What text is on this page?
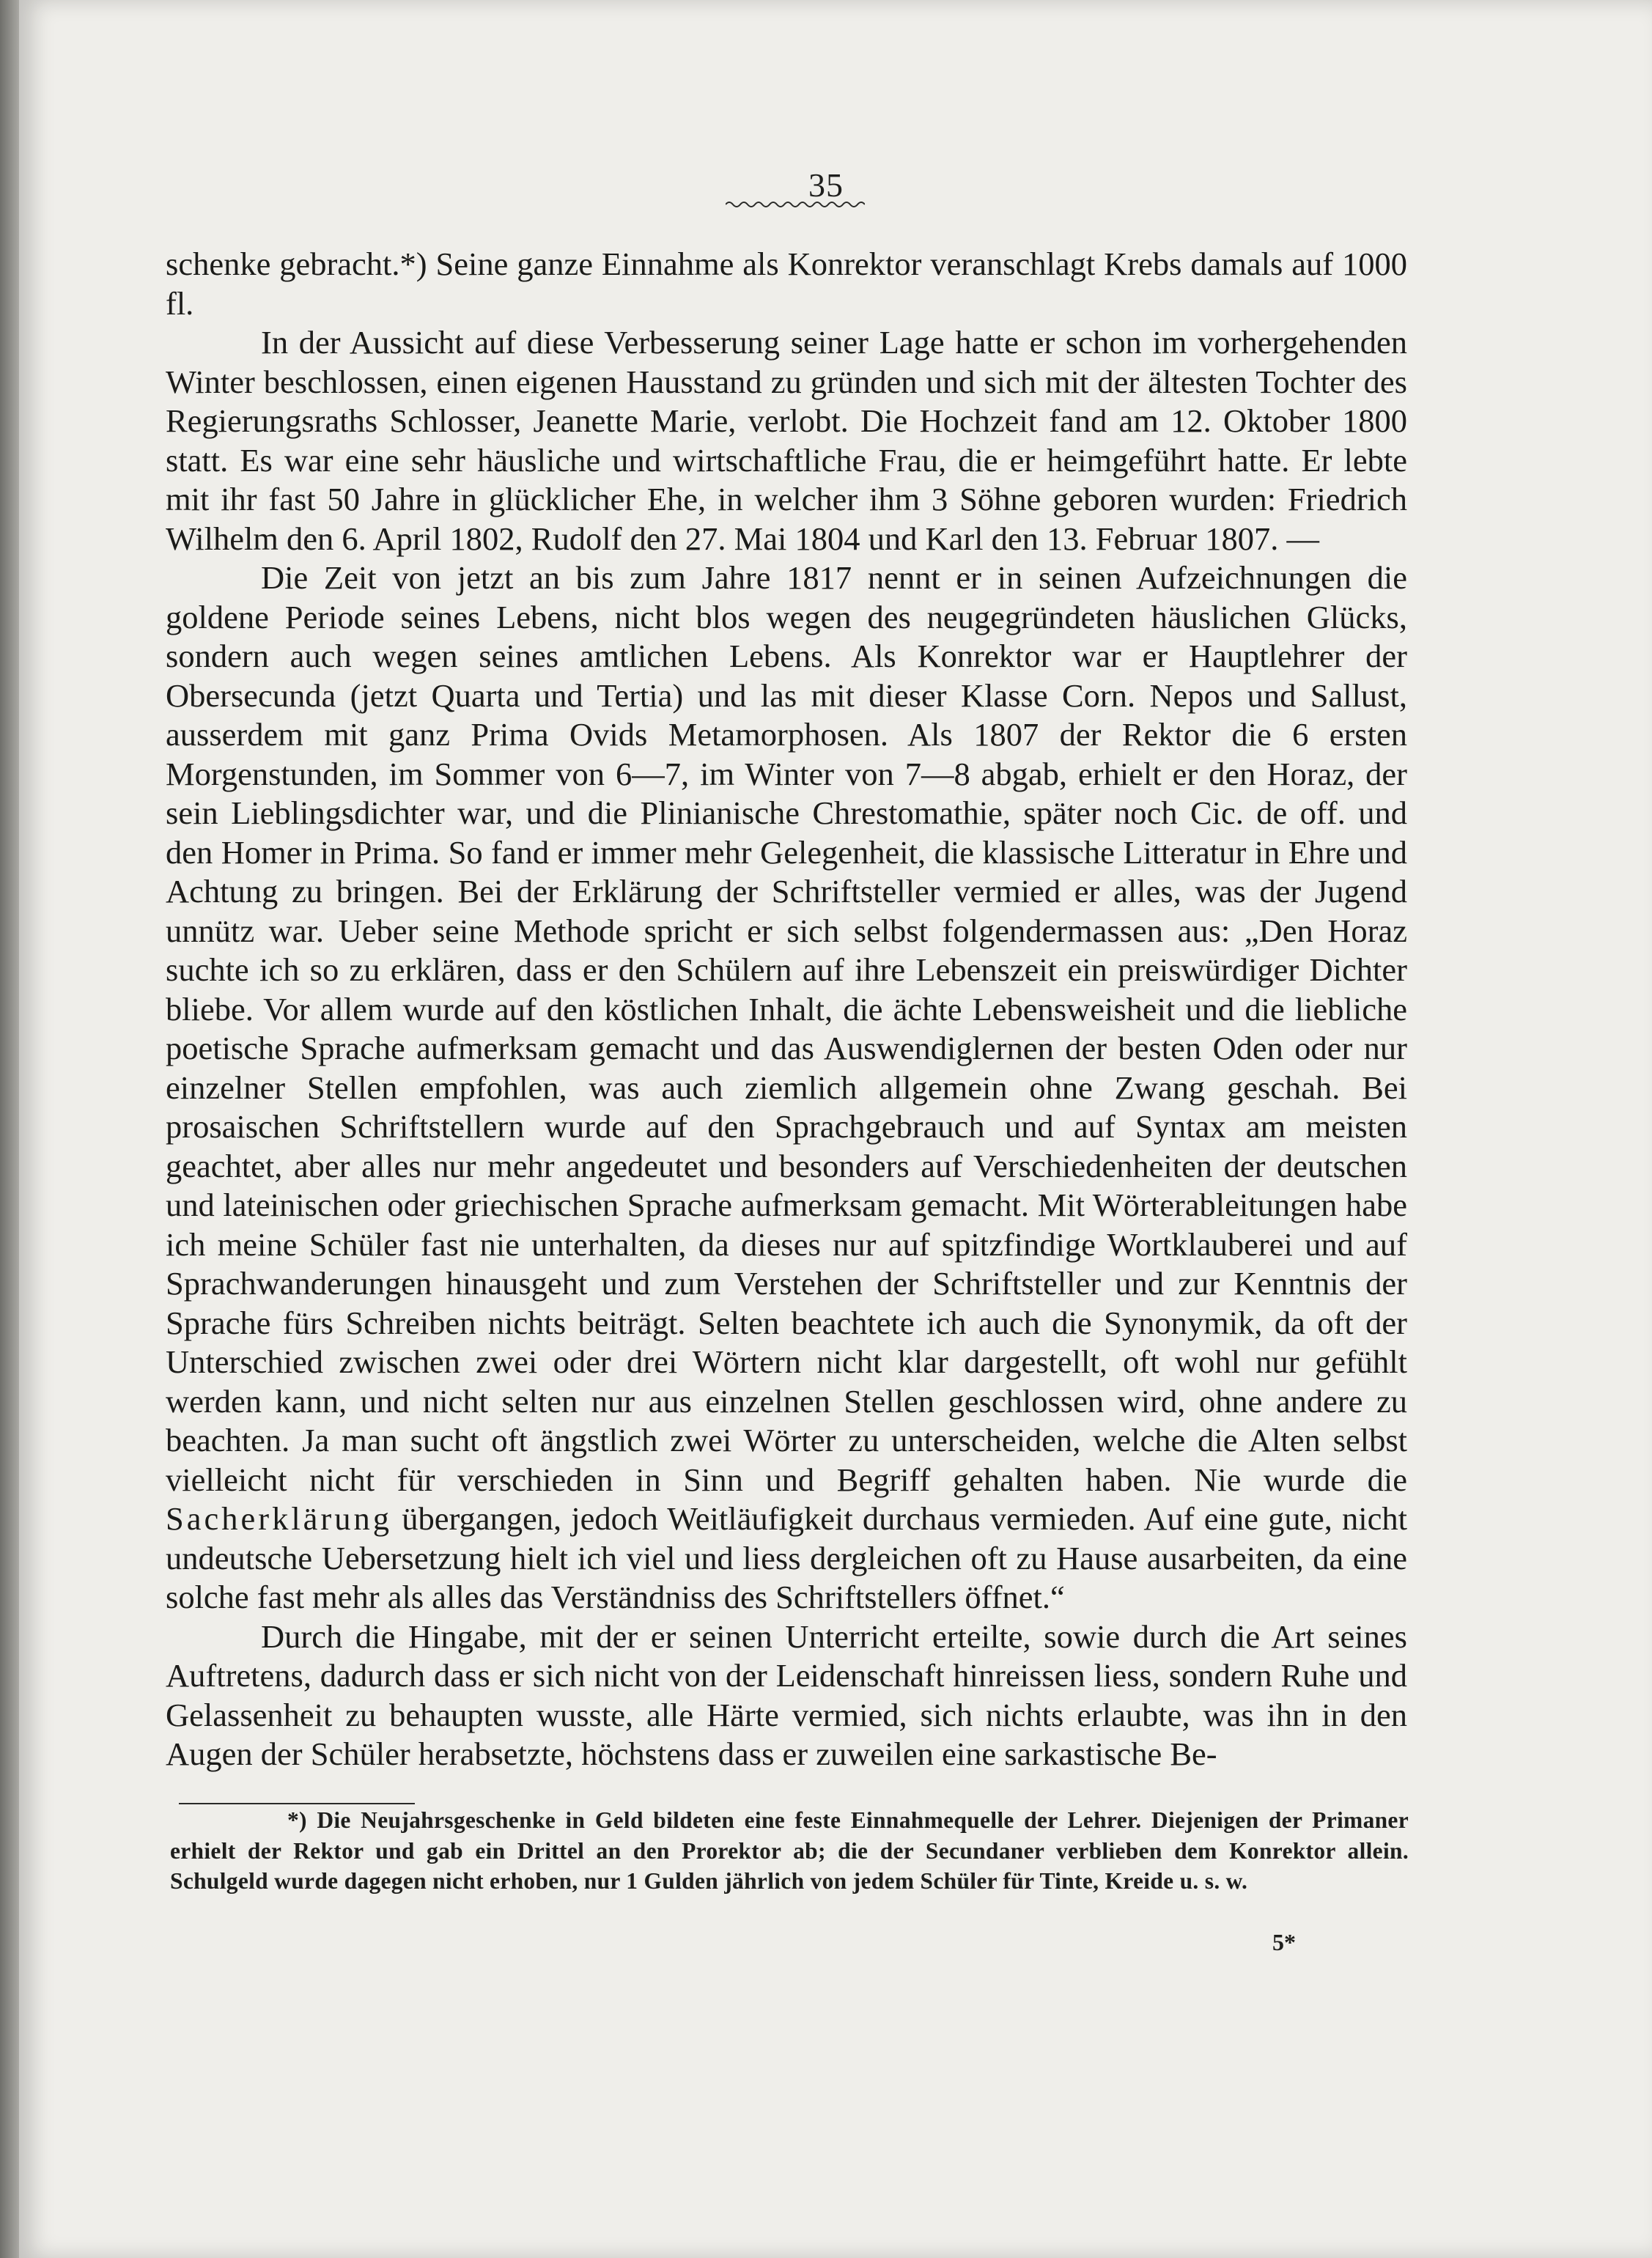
35

schenke gebracht.*) Seine ganze Einnahme als Konrektor veranschlagt Krebs damals auf 1000 fl.

In der Aussicht auf diese Verbesserung seiner Lage hatte er schon im vorhergehenden Winter beschlossen, einen eigenen Hausstand zu gründen und sich mit der ältesten Tochter des Regierungsraths Schlosser, Jeanette Marie, verlobt. Die Hochzeit fand am 12. Oktober 1800 statt. Es war eine sehr häusliche und wirtschaftliche Frau, die er heimgeführt hatte. Er lebte mit ihr fast 50 Jahre in glücklicher Ehe, in welcher ihm 3 Söhne geboren wurden: Friedrich Wilhelm den 6. April 1802, Rudolf den 27. Mai 1804 und Karl den 13. Februar 1807. —

Die Zeit von jetzt an bis zum Jahre 1817 nennt er in seinen Aufzeichnungen die goldene Periode seines Lebens, nicht blos wegen des neugegründeten häuslichen Glücks, sondern auch wegen seines amtlichen Lebens. Als Konrektor war er Hauptlehrer der Obersecunda (jetzt Quarta und Tertia) und las mit dieser Klasse Corn. Nepos und Sallust, ausserdem mit ganz Prima Ovids Metamorphosen. Als 1807 der Rektor die 6 ersten Morgenstunden, im Sommer von 6—7, im Winter von 7—8 abgab, erhielt er den Horaz, der sein Lieblingsdichter war, und die Plinianische Chrestomathie, später noch Cic. de off. und den Homer in Prima. So fand er immer mehr Gelegenheit, die klassische Litteratur in Ehre und Achtung zu bringen. Bei der Erklärung der Schriftsteller vermied er alles, was der Jugend unnütz war. Ueber seine Methode spricht er sich selbst folgendermassen aus: „Den Horaz suchte ich so zu erklären, dass er den Schülern auf ihre Lebenszeit ein preiswürdiger Dichter bliebe. Vor allem wurde auf den köstlichen Inhalt, die ächte Lebensweisheit und die liebliche poetische Sprache aufmerksam gemacht und das Auswendiglernen der besten Oden oder nur einzelner Stellen empfohlen, was auch ziemlich allgemein ohne Zwang geschah. Bei prosaischen Schriftstellern wurde auf den Sprachgebrauch und auf Syntax am meisten geachtet, aber alles nur mehr angedeutet und besonders auf Verschiedenheiten der deutschen und lateinischen oder griechischen Sprache aufmerksam gemacht. Mit Wörterableitungen habe ich meine Schüler fast nie unterhalten, da dieses nur auf spitzfindige Wortklauberei und auf Sprachwanderungen hinausgeht und zum Verstehen der Schriftsteller und zur Kenntnis der Sprache fürs Schreiben nichts beiträgt. Selten beachtete ich auch die Synonymik, da oft der Unterschied zwischen zwei oder drei Wörtern nicht klar dargestellt, oft wohl nur gefühlt werden kann, und nicht selten nur aus einzelnen Stellen geschlossen wird, ohne andere zu beachten. Ja man sucht oft ängstlich zwei Wörter zu unterscheiden, welche die Alten selbst vielleicht nicht für verschieden in Sinn und Begriff gehalten haben. Nie wurde die Sacherklärung übergangen, jedoch Weitläufigkeit durchaus vermieden. Auf eine gute, nicht undeutsche Uebersetzung hielt ich viel und liess dergleichen oft zu Hause ausarbeiten, da eine solche fast mehr als alles das Verständniss des Schriftstellers öffnet.“

Durch die Hingabe, mit der er seinen Unterricht erteilte, sowie durch die Art seines Auftretens, dadurch dass er sich nicht von der Leidenschaft hinreissen liess, sondern Ruhe und Gelassenheit zu behaupten wusste, alle Härte vermied, sich nichts erlaubte, was ihn in den Augen der Schüler herabsetzte, höchstens dass er zuweilen eine sarkastische Be-

*) Die Neujahrsgeschenke in Geld bildeten eine feste Einnahmequelle der Lehrer. Diejenigen der Primaner erhielt der Rektor und gab ein Drittel an den Prorektor ab; die der Secundaner verblieben dem Konrektor allein. Schulgeld wurde dagegen nicht erhoben, nur 1 Gulden jährlich von jedem Schüler für Tinte, Kreide u. s. w.

5*
